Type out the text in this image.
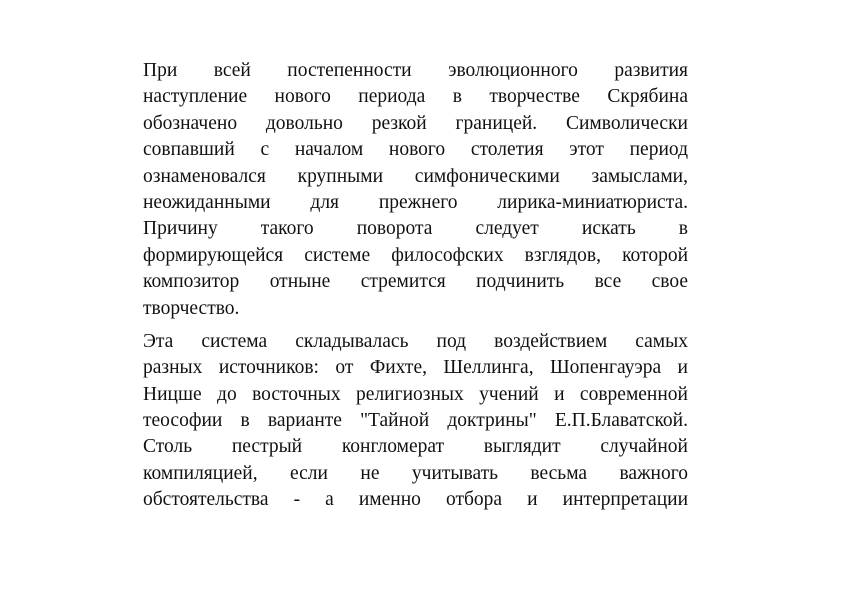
При всей постепенности эволюционного развития
наступление нового периода в творчестве Скрябина
обозначено довольно резкой границей. Символически
совпавший с началом нового столетия этот период
ознаменовался крупными симфоническими замыслами,
неожиданными для прежнего лирика-миниатюриста.
Причину такого поворота следует искать в
формирующейся системе философских взглядов, которой
композитор отныне стремится подчинить все свое
творчество.
Эта система складывалась под воздействием самых
разных источников: от Фихте, Шеллинга, Шопенгауэра и
Ницше до восточных религиозных учений и современной
теософии в варианте "Тайной доктрины" Е.П.Блаватской.
Столь пестрый конгломерат выглядит случайной
компиляцией, если не учитывать весьма важного
обстоятельства - а именно отбора и интерпретации
